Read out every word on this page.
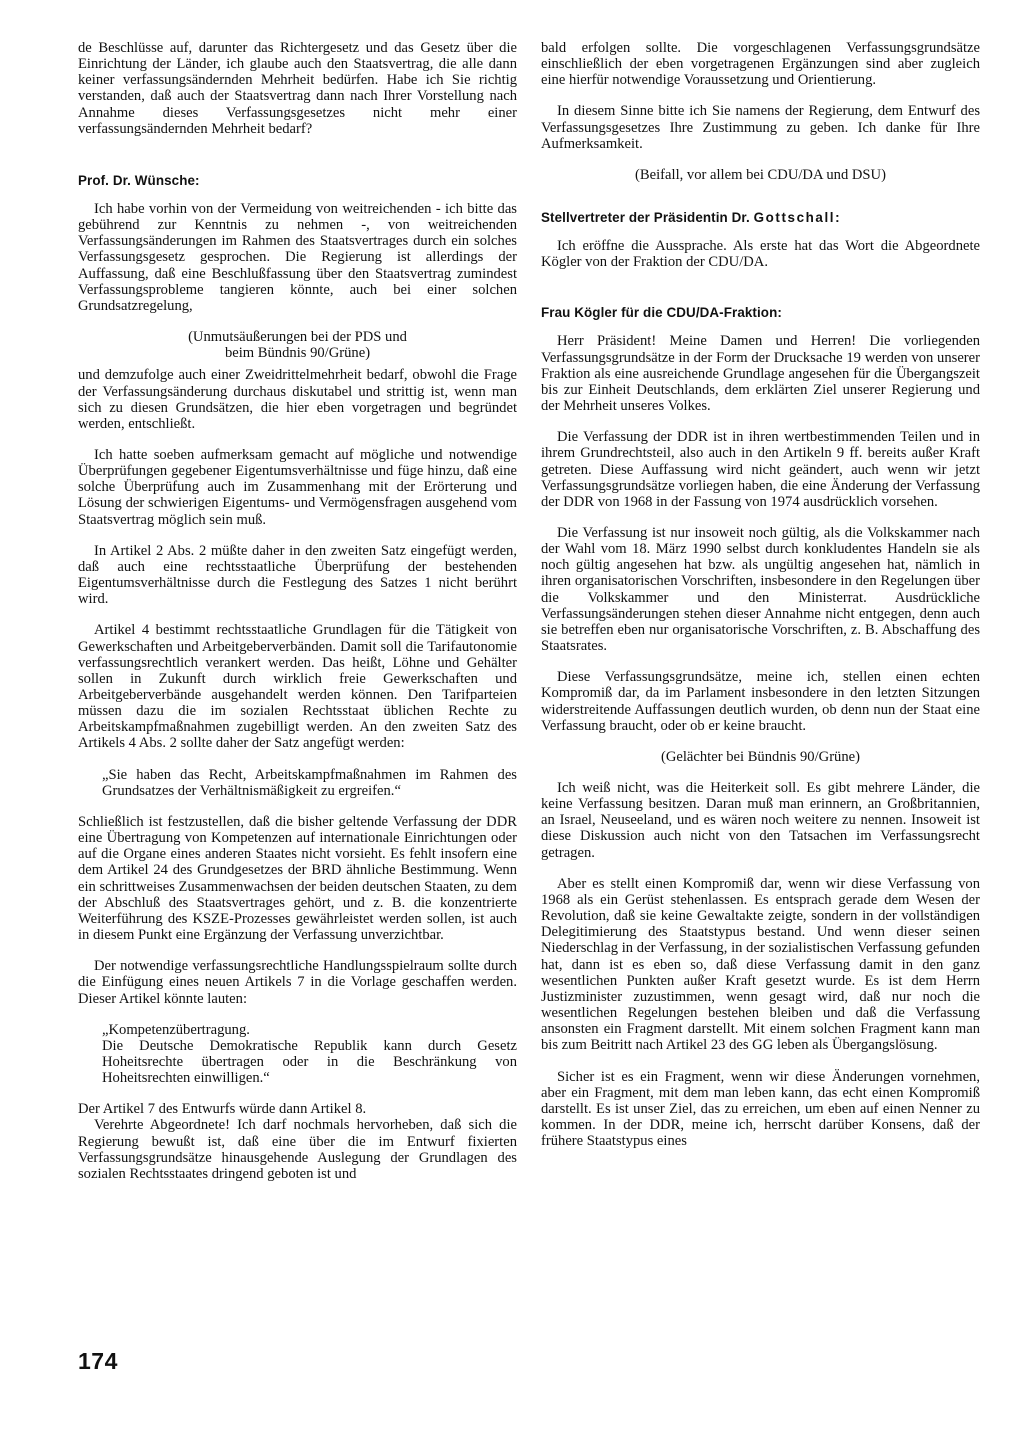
de Beschlüsse auf, darunter das Richtergesetz und das Gesetz über die Einrichtung der Länder, ich glaube auch den Staatsvertrag, die alle dann keiner verfassungsändernden Mehrheit bedürfen. Habe ich Sie richtig verstanden, daß auch der Staatsvertrag dann nach Ihrer Vorstellung nach Annahme dieses Verfassungsgesetzes nicht mehr einer verfassungsändernden Mehrheit bedarf?

Prof. Dr. Wünsche:

Ich habe vorhin von der Vermeidung von weitreichenden - ich bitte das gebührend zur Kenntnis zu nehmen -, von weitreichenden Verfassungsänderungen im Rahmen des Staatsvertrages durch ein solches Verfassungsgesetz gesprochen. Die Regierung ist allerdings der Auffassung, daß eine Beschlußfassung über den Staatsvertrag zumindest Verfassungsprobleme tangieren könnte, auch bei einer solchen Grundsatzregelung,

(Unmutsäußerungen bei der PDS und
beim Bündnis 90/Grüne)

und demzufolge auch einer Zweidrittelmehrheit bedarf, obwohl die Frage der Verfassungsänderung durchaus diskutabel und strittig ist, wenn man sich zu diesen Grundsätzen, die hier eben vorgetragen und begründet werden, entschließt.

Ich hatte soeben aufmerksam gemacht auf mögliche und notwendige Überprüfungen gegebener Eigentumsverhältnisse und füge hinzu, daß eine solche Überprüfung auch im Zusammenhang mit der Erörterung und Lösung der schwierigen Eigentums- und Vermögensfragen ausgehend vom Staatsvertrag möglich sein muß.

In Artikel 2 Abs. 2 müßte daher in den zweiten Satz eingefügt werden, daß auch eine rechtsstaatliche Überprüfung der bestehenden Eigentumsverhältnisse durch die Festlegung des Satzes 1 nicht berührt wird.

Artikel 4 bestimmt rechtsstaatliche Grundlagen für die Tätigkeit von Gewerkschaften und Arbeitgeberverbänden. Damit soll die Tarifautonomie verfassungsrechtlich verankert werden. Das heißt, Löhne und Gehälter sollen in Zukunft durch wirklich freie Gewerkschaften und Arbeitgeberverbände ausgehandelt werden können. Den Tarifparteien müssen dazu die im sozialen Rechtsstaat üblichen Rechte zu Arbeitskampfmaßnahmen zugebilligt werden. An den zweiten Satz des Artikels 4 Abs. 2 sollte daher der Satz angefügt werden:

„Sie haben das Recht, Arbeitskampfmaßnahmen im Rahmen des Grundsatzes der Verhältnismäßigkeit zu ergreifen.“

Schließlich ist festzustellen, daß die bisher geltende Verfassung der DDR eine Übertragung von Kompetenzen auf internationale Einrichtungen oder auf die Organe eines anderen Staates nicht vorsieht. Es fehlt insofern eine dem Artikel 24 des Grundgesetzes der BRD ähnliche Bestimmung. Wenn ein schrittweises Zusammenwachsen der beiden deutschen Staaten, zu dem der Abschluß des Staatsvertrages gehört, und z. B. die konzentrierte Weiterführung des KSZE-Prozesses gewährleistet werden sollen, ist auch in diesem Punkt eine Ergänzung der Verfassung unverzichtbar.

Der notwendige verfassungsrechtliche Handlungsspielraum sollte durch die Einfügung eines neuen Artikels 7 in die Vorlage geschaffen werden. Dieser Artikel könnte lauten:

„Kompetenzübertragung.
Die Deutsche Demokratische Republik kann durch Gesetz Hoheitsrechte übertragen oder in die Beschränkung von Hoheitsrechten einwilligen.“

Der Artikel 7 des Entwurfs würde dann Artikel 8.

Verehrte Abgeordnete! Ich darf nochmals hervorheben, daß sich die Regierung bewußt ist, daß eine über die im Entwurf fixierten Verfassungsgrundsätze hinausgehende Auslegung der Grundlagen des sozialen Rechtsstaates dringend geboten ist und

bald erfolgen sollte. Die vorgeschlagenen Verfassungsgrundsätze einschließlich der eben vorgetragenen Ergänzungen sind aber zugleich eine hierfür notwendige Voraussetzung und Orientierung.

In diesem Sinne bitte ich Sie namens der Regierung, dem Entwurf des Verfassungsgesetzes Ihre Zustimmung zu geben. Ich danke für Ihre Aufmerksamkeit.

(Beifall, vor allem bei CDU/DA und DSU)

Stellvertreter der Präsidentin Dr. Gottschall:

Ich eröffne die Aussprache. Als erste hat das Wort die Abgeordnete Kögler von der Fraktion der CDU/DA.

Frau Kögler für die CDU/DA-Fraktion:

Herr Präsident! Meine Damen und Herren! Die vorliegenden Verfassungsgrundsätze in der Form der Drucksache 19 werden von unserer Fraktion als eine ausreichende Grundlage angesehen für die Übergangszeit bis zur Einheit Deutschlands, dem erklärten Ziel unserer Regierung und der Mehrheit unseres Volkes.

Die Verfassung der DDR ist in ihren wertbestimmenden Teilen und in ihrem Grundrechtsteil, also auch in den Artikeln 9 ff. bereits außer Kraft getreten. Diese Auffassung wird nicht geändert, auch wenn wir jetzt Verfassungsgrundsätze vorliegen haben, die eine Änderung der Verfassung der DDR von 1968 in der Fassung von 1974 ausdrücklich vorsehen.

Die Verfassung ist nur insoweit noch gültig, als die Volkskammer nach der Wahl vom 18. März 1990 selbst durch konkludentes Handeln sie als noch gültig angesehen hat bzw. als ungültig angesehen hat, nämlich in ihren organisatorischen Vorschriften, insbesondere in den Regelungen über die Volkskammer und den Ministerrat. Ausdrückliche Verfassungsänderungen stehen dieser Annahme nicht entgegen, denn auch sie betreffen eben nur organisatorische Vorschriften, z. B. Abschaffung des Staatsrates.

Diese Verfassungsgrundsätze, meine ich, stellen einen echten Kompromiß dar, da im Parlament insbesondere in den letzten Sitzungen widerstreitende Auffassungen deutlich wurden, ob denn nun der Staat eine Verfassung braucht, oder ob er keine braucht.

(Gelächter bei Bündnis 90/Grüne)

Ich weiß nicht, was die Heiterkeit soll. Es gibt mehrere Länder, die keine Verfassung besitzen. Daran muß man erinnern, an Großbritannien, an Israel, Neuseeland, und es wären noch weitere zu nennen. Insoweit ist diese Diskussion auch nicht von den Tatsachen im Verfassungsrecht getragen.

Aber es stellt einen Kompromiß dar, wenn wir diese Verfassung von 1968 als ein Gerüst stehenlassen. Es entsprach gerade dem Wesen der Revolution, daß sie keine Gewaltakte zeigte, sondern in der vollständigen Delegitimierung des Staatstypus bestand. Und wenn dieser seinen Niederschlag in der Verfassung, in der sozialistischen Verfassung gefunden hat, dann ist es eben so, daß diese Verfassung damit in den ganz wesentlichen Punkten außer Kraft gesetzt wurde. Es ist dem Herrn Justizminister zuzustimmen, wenn gesagt wird, daß nur noch die wesentlichen Regelungen bestehen bleiben und daß die Verfassung ansonsten ein Fragment darstellt. Mit einem solchen Fragment kann man bis zum Beitritt nach Artikel 23 des GG leben als Übergangslösung.

Sicher ist es ein Fragment, wenn wir diese Änderungen vornehmen, aber ein Fragment, mit dem man leben kann, das echt einen Kompromiß darstellt. Es ist unser Ziel, das zu erreichen, um eben auf einen Nenner zu kommen. In der DDR, meine ich, herrscht darüber Konsens, daß der frühere Staatstypus eines

174
